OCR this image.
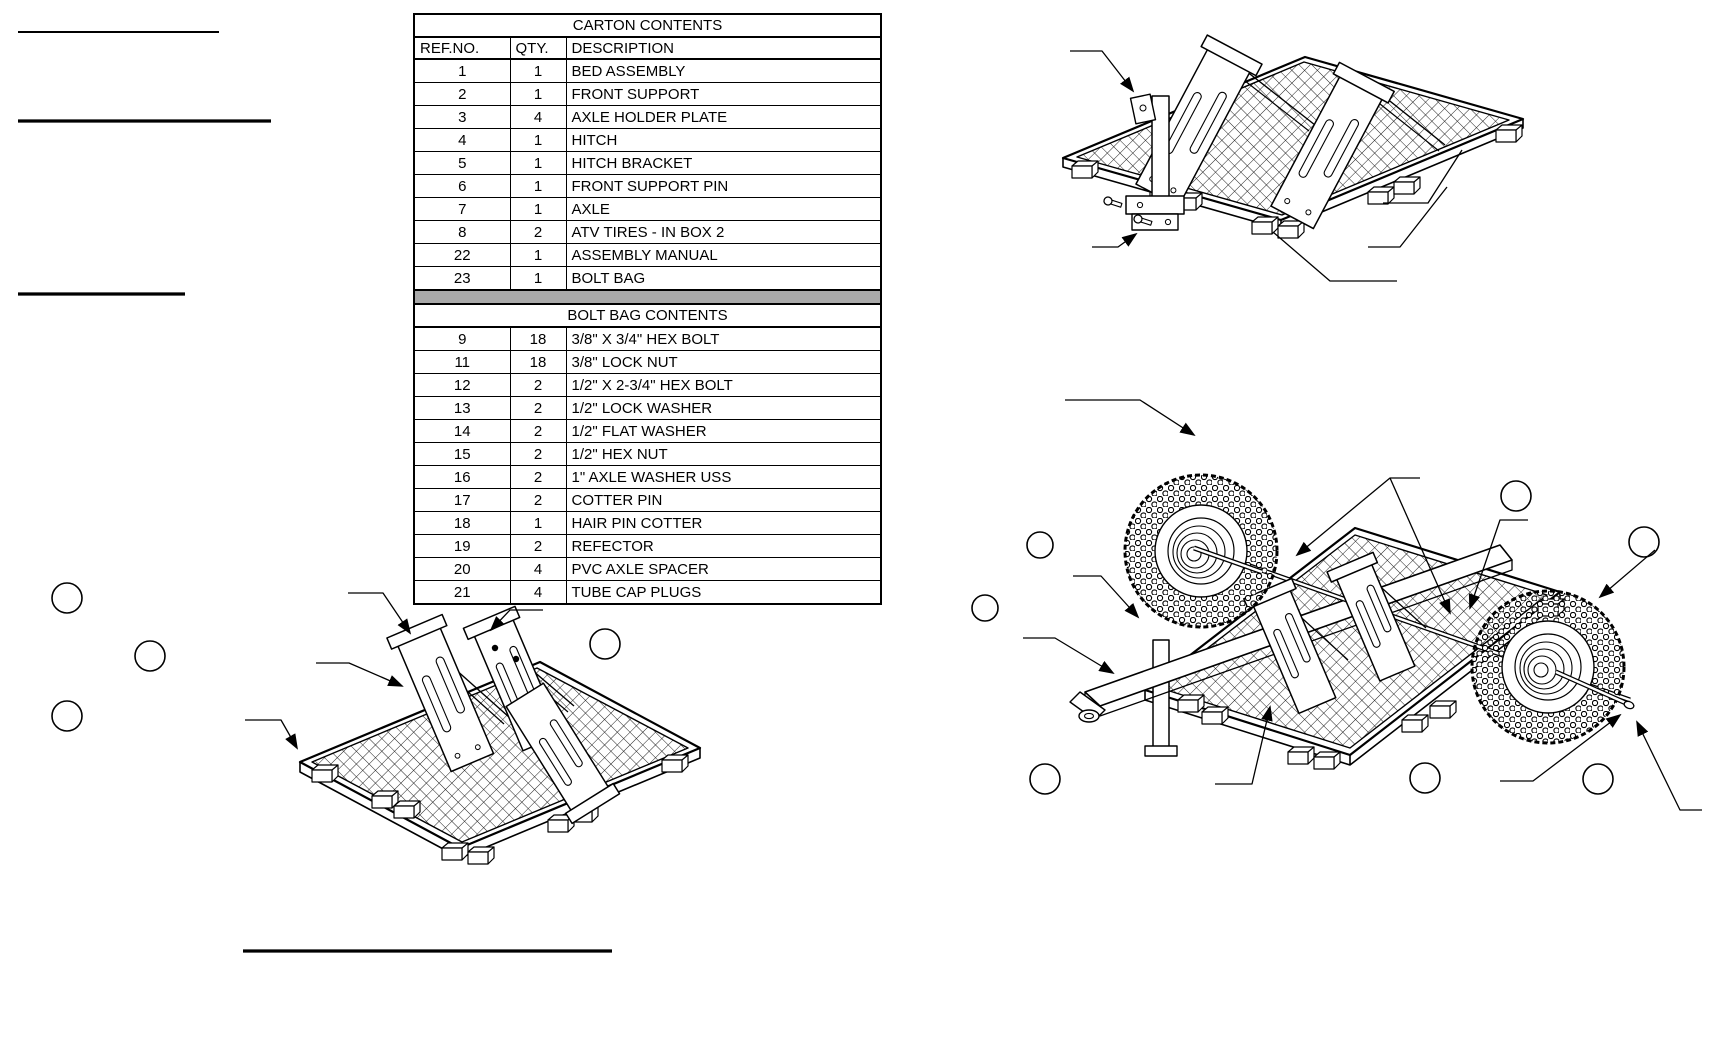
CARTON CONTENTS		
REF.NO.	QTY.	DESCRIPTION
1	1	BED ASSEMBLY
2	1	FRONT SUPPORT
3	4	AXLE HOLDER PLATE
4	1	HITCH
5	1	HITCH BRACKET
6	1	FRONT SUPPORT PIN
7	1	AXLE
8	2	ATV TIRES - IN BOX 2
22	1	ASSEMBLY MANUAL
23	1	BOLT BAG

BOLT BAG CONTENTS		
9	18	3/8" X 3/4" HEX BOLT
11	18	3/8" LOCK NUT
12	2	1/2" X 2-3/4" HEX BOLT
13	2	1/2" LOCK WASHER
14	2	1/2" FLAT WASHER
15	2	1/2" HEX NUT
16	2	1" AXLE WASHER USS
17	2	COTTER PIN
18	1	HAIR PIN COTTER
19	2	REFECTOR
20	4	PVC AXLE SPACER
21	4	TUBE CAP PLUGS
